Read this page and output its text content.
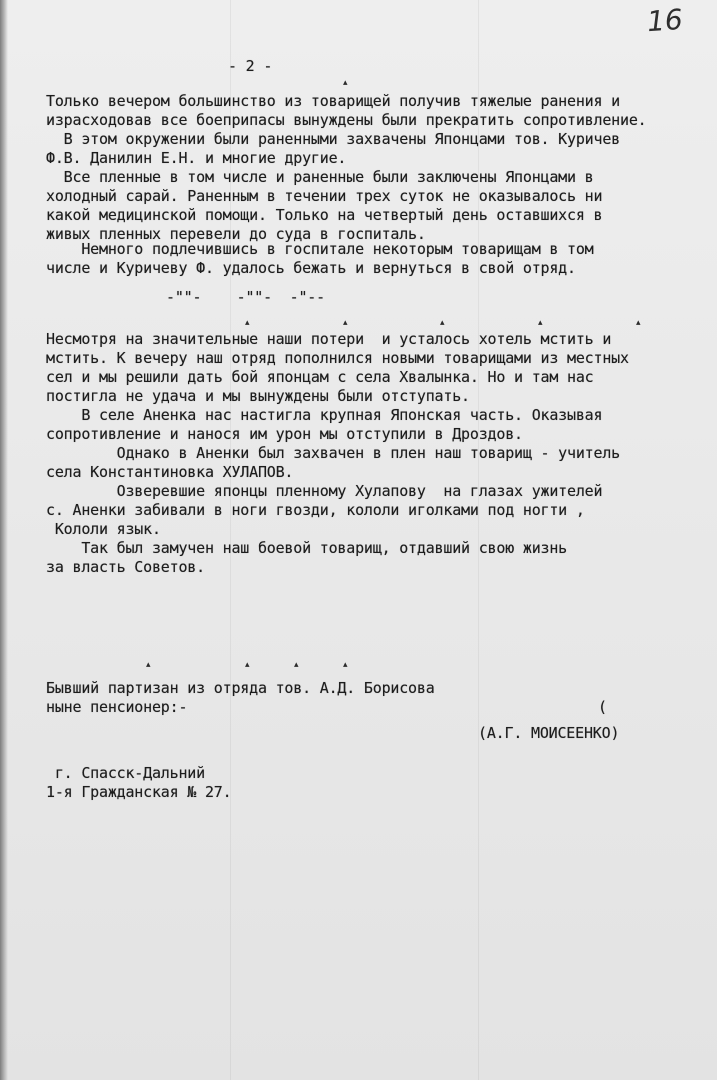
16
- 2 -
Только вечером большинство из товарищей получив тяжелые ранения и
израсходовав все боеприпасы вынуждены были прекратить сопротивление.
В этом окружении были раненными захвачены Японцами тов. Куричев
Ф.В. Данилин Е.Н. и многие другие.
Все пленные в том числе и раненные были заключены Японцами в
холодный сарай. Раненным в течении трех суток не оказывалось ни
какой медицинской помощи. Только на четвертый день оставшихся в
живых пленных перевели до суда в госпиталь.
Немного подлечившись в госпитале некоторым товарищам в том
числе и Куричеву Ф. удалось бежать и вернуться в свой отряд.
-""-    -""-  -"--
Несмотря на значительные наши потери  и усталось хотель мстить и
мстить. К вечеру наш отряд пополнился новыми товарищами из местных
сел и мы решили дать бой японцам с села Хвалынка. Но и там нас
постигла не удача и мы вынуждены были отступать.
В селе Аненка нас настигла крупная Японская часть. Оказывая
сопротивление и нанося им урон мы отступили в Дроздов.
Однако в Аненки был захвачен в плен наш товарищ - учитель
села Константиновка ХУЛАПОВ.
Озверевшие японцы пленному Хулапову  на глазах ужителей
с. Аненки забивали в ноги гвозди, кололи иголками под ногти ,
Кололи язык.
Так был замучен наш боевой товарищ, отдавший свою жизнь
за власть Советов.
Бывший партизан из отряда тов. А.Д. Борисова
ныне пенсионер:-	(
(А.Г. МОИСЕЕНКО)
г. Спасск-Дальний
1-я Гражданская № 27.
▴
▴	▴	▴	▴	▴
▴	▴	▴	▴
